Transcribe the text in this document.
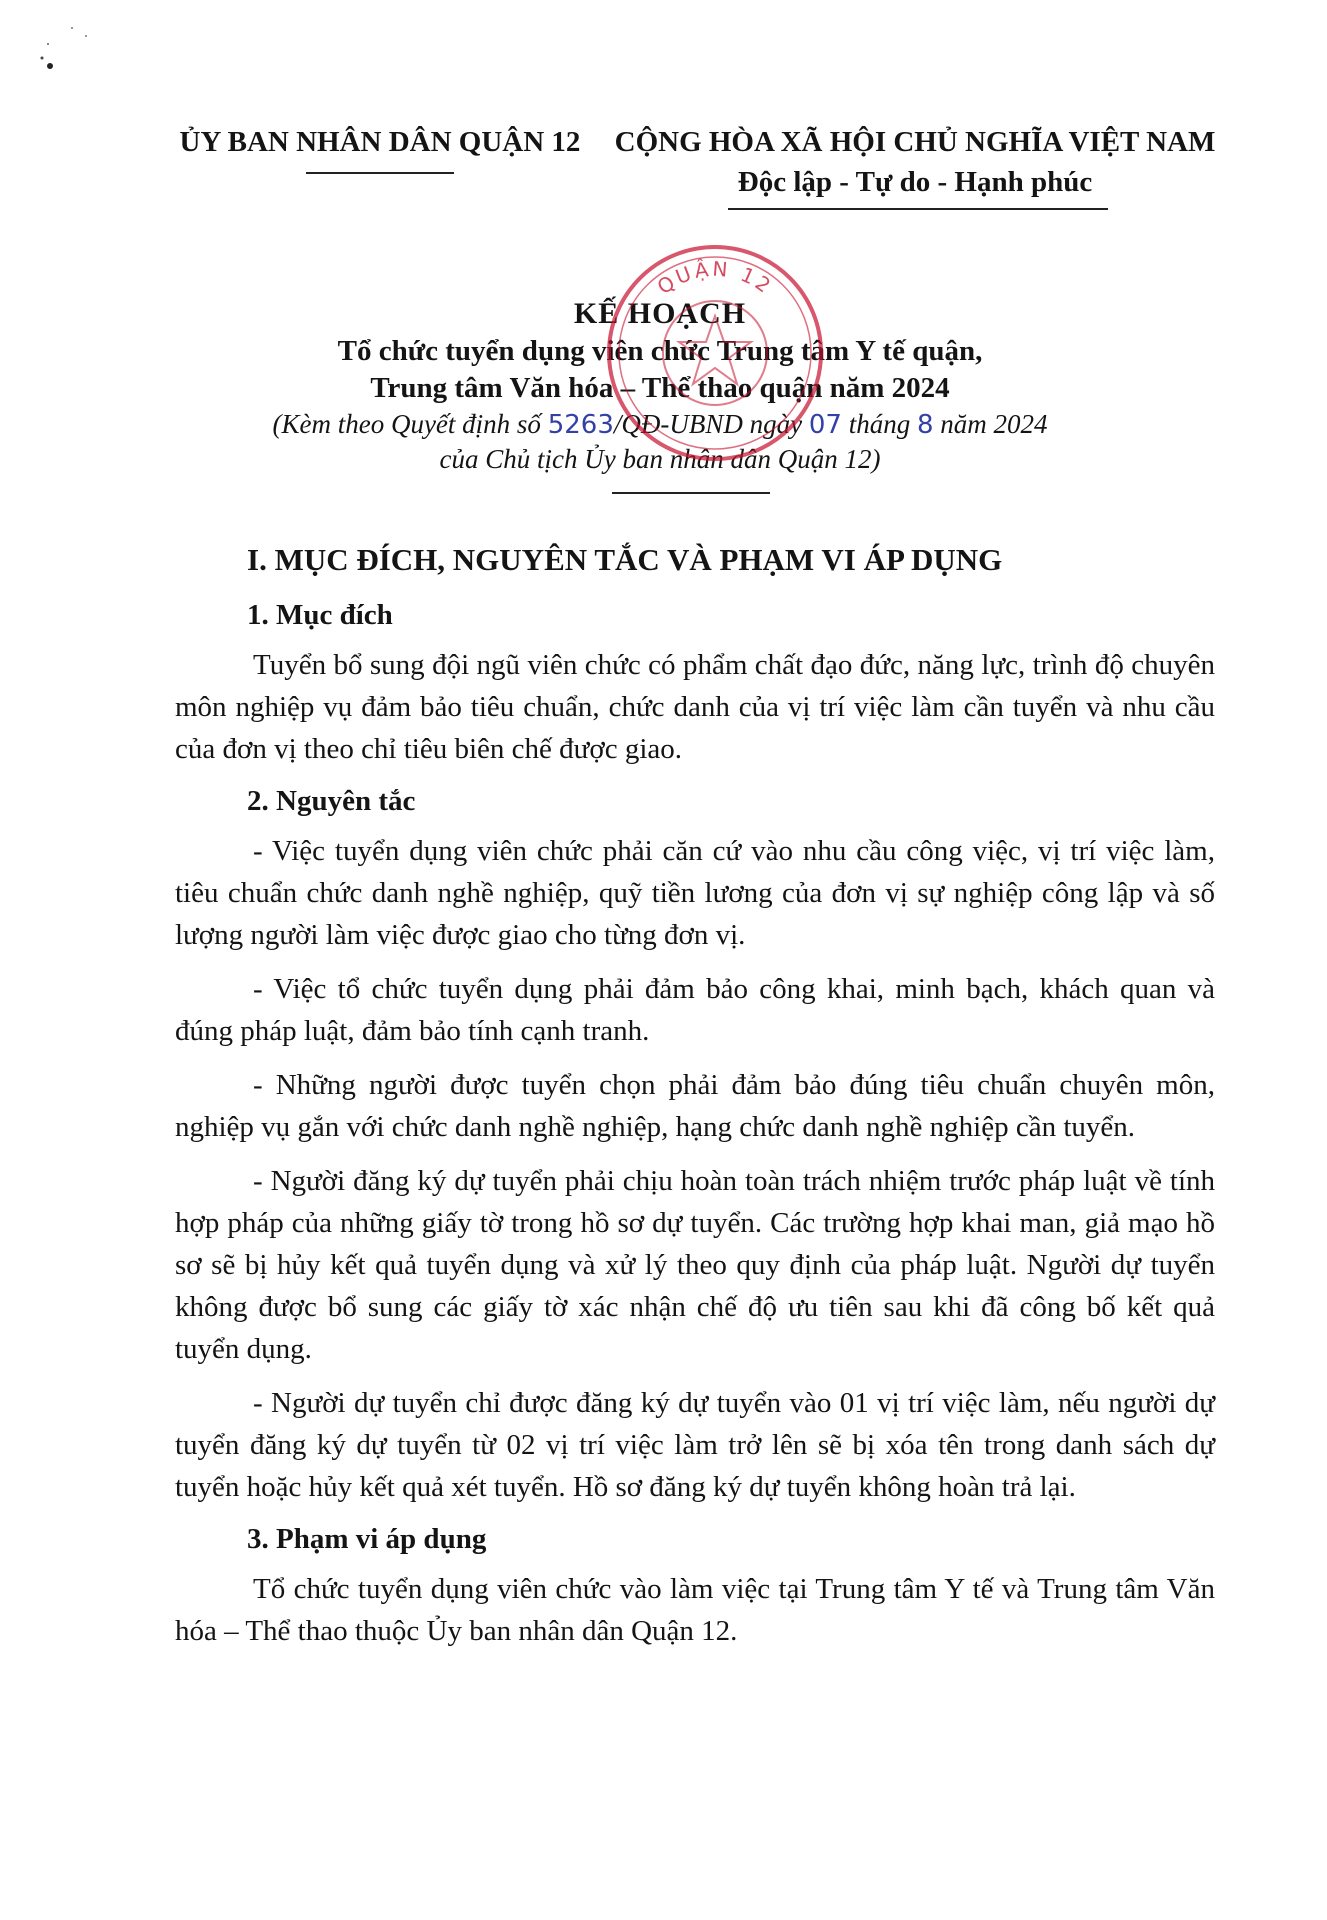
ỦY BAN NHÂN DÂN QUẬN 12	CỘNG HÒA XÃ HỘI CHỦ NGHĨA VIỆT NAM
Độc lập - Tự do - Hạnh phúc
KẾ HOẠCH
Tổ chức tuyển dụng viên chức Trung tâm Y tế quận,
Trung tâm Văn hóa – Thể thao quận năm 2024
(Kèm theo Quyết định số 5263/QĐ-UBND ngày 07 tháng 8 năm 2024
của Chủ tịch Ủy ban nhân dân Quận 12)
QUẬN 12
I. MỤC ĐÍCH, NGUYÊN TẮC VÀ PHẠM VI ÁP DỤNG
1. Mục đích
Tuyển bổ sung đội ngũ viên chức có phẩm chất đạo đức, năng lực, trình độ chuyên môn nghiệp vụ đảm bảo tiêu chuẩn, chức danh của vị trí việc làm cần tuyển và nhu cầu của đơn vị theo chỉ tiêu biên chế được giao.
2. Nguyên tắc
- Việc tuyển dụng viên chức phải căn cứ vào nhu cầu công việc, vị trí việc làm, tiêu chuẩn chức danh nghề nghiệp, quỹ tiền lương của đơn vị sự nghiệp công lập và số lượng người làm việc được giao cho từng đơn vị.
- Việc tổ chức tuyển dụng phải đảm bảo công khai, minh bạch, khách quan và đúng pháp luật, đảm bảo tính cạnh tranh.
- Những người được tuyển chọn phải đảm bảo đúng tiêu chuẩn chuyên môn, nghiệp vụ gắn với chức danh nghề nghiệp, hạng chức danh nghề nghiệp cần tuyển.
- Người đăng ký dự tuyển phải chịu hoàn toàn trách nhiệm trước pháp luật về tính hợp pháp của những giấy tờ trong hồ sơ dự tuyển. Các trường hợp khai man, giả mạo hồ sơ sẽ bị hủy kết quả tuyển dụng và xử lý theo quy định của pháp luật. Người dự tuyển không được bổ sung các giấy tờ xác nhận chế độ ưu tiên sau khi đã công bố kết quả tuyển dụng.
- Người dự tuyển chỉ được đăng ký dự tuyển vào 01 vị trí việc làm, nếu người dự tuyển đăng ký dự tuyển từ 02 vị trí việc làm trở lên sẽ bị xóa tên trong danh sách dự tuyển hoặc hủy kết quả xét tuyển. Hồ sơ đăng ký dự tuyển không hoàn trả lại.
3. Phạm vi áp dụng
Tổ chức tuyển dụng viên chức vào làm việc tại Trung tâm Y tế và Trung tâm Văn hóa – Thể thao thuộc Ủy ban nhân dân Quận 12.
